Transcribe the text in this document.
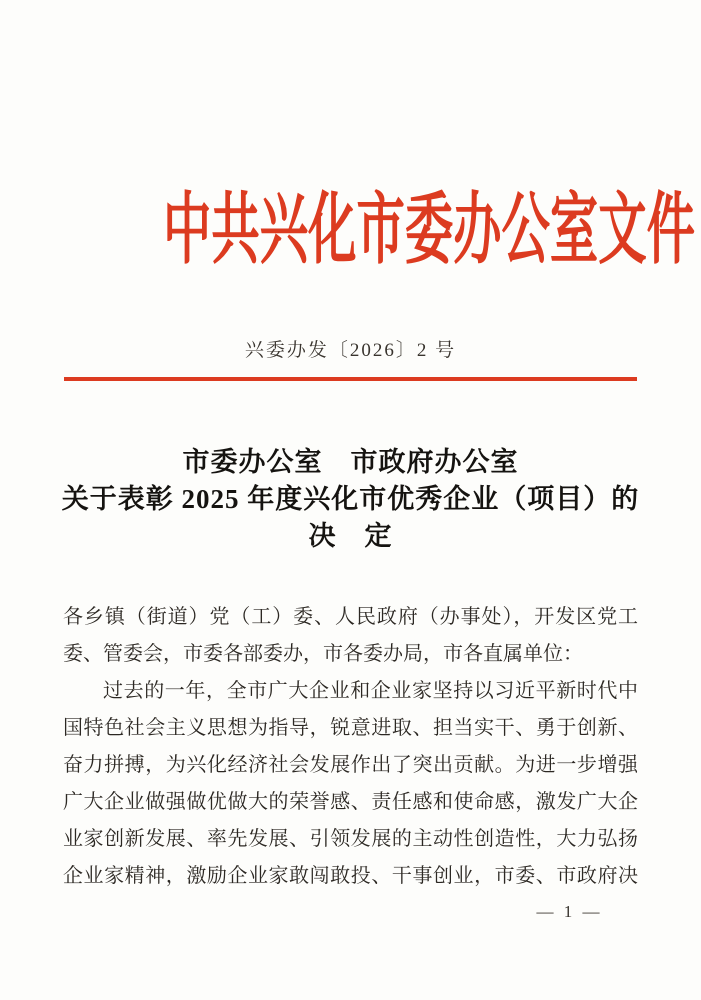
中共兴化市委办公室文件
兴委办发〔2026〕2 号
市委办公室　市政府办公室
关于表彰 2025 年度兴化市优秀企业（项目）的
决　定
各乡镇（街道）党（工）委、人民政府（办事处），开发区党工
委、管委会，市委各部委办，市各委办局，市各直属单位：
过去的一年，全市广大企业和企业家坚持以习近平新时代中
国特色社会主义思想为指导，锐意进取、担当实干、勇于创新、
奋力拼搏，为兴化经济社会发展作出了突出贡献。为进一步增强
广大企业做强做优做大的荣誉感、责任感和使命感，激发广大企
业家创新发展、率先发展、引领发展的主动性创造性，大力弘扬
企业家精神，激励企业家敢闯敢投、干事创业，市委、市政府决
— 1 —
